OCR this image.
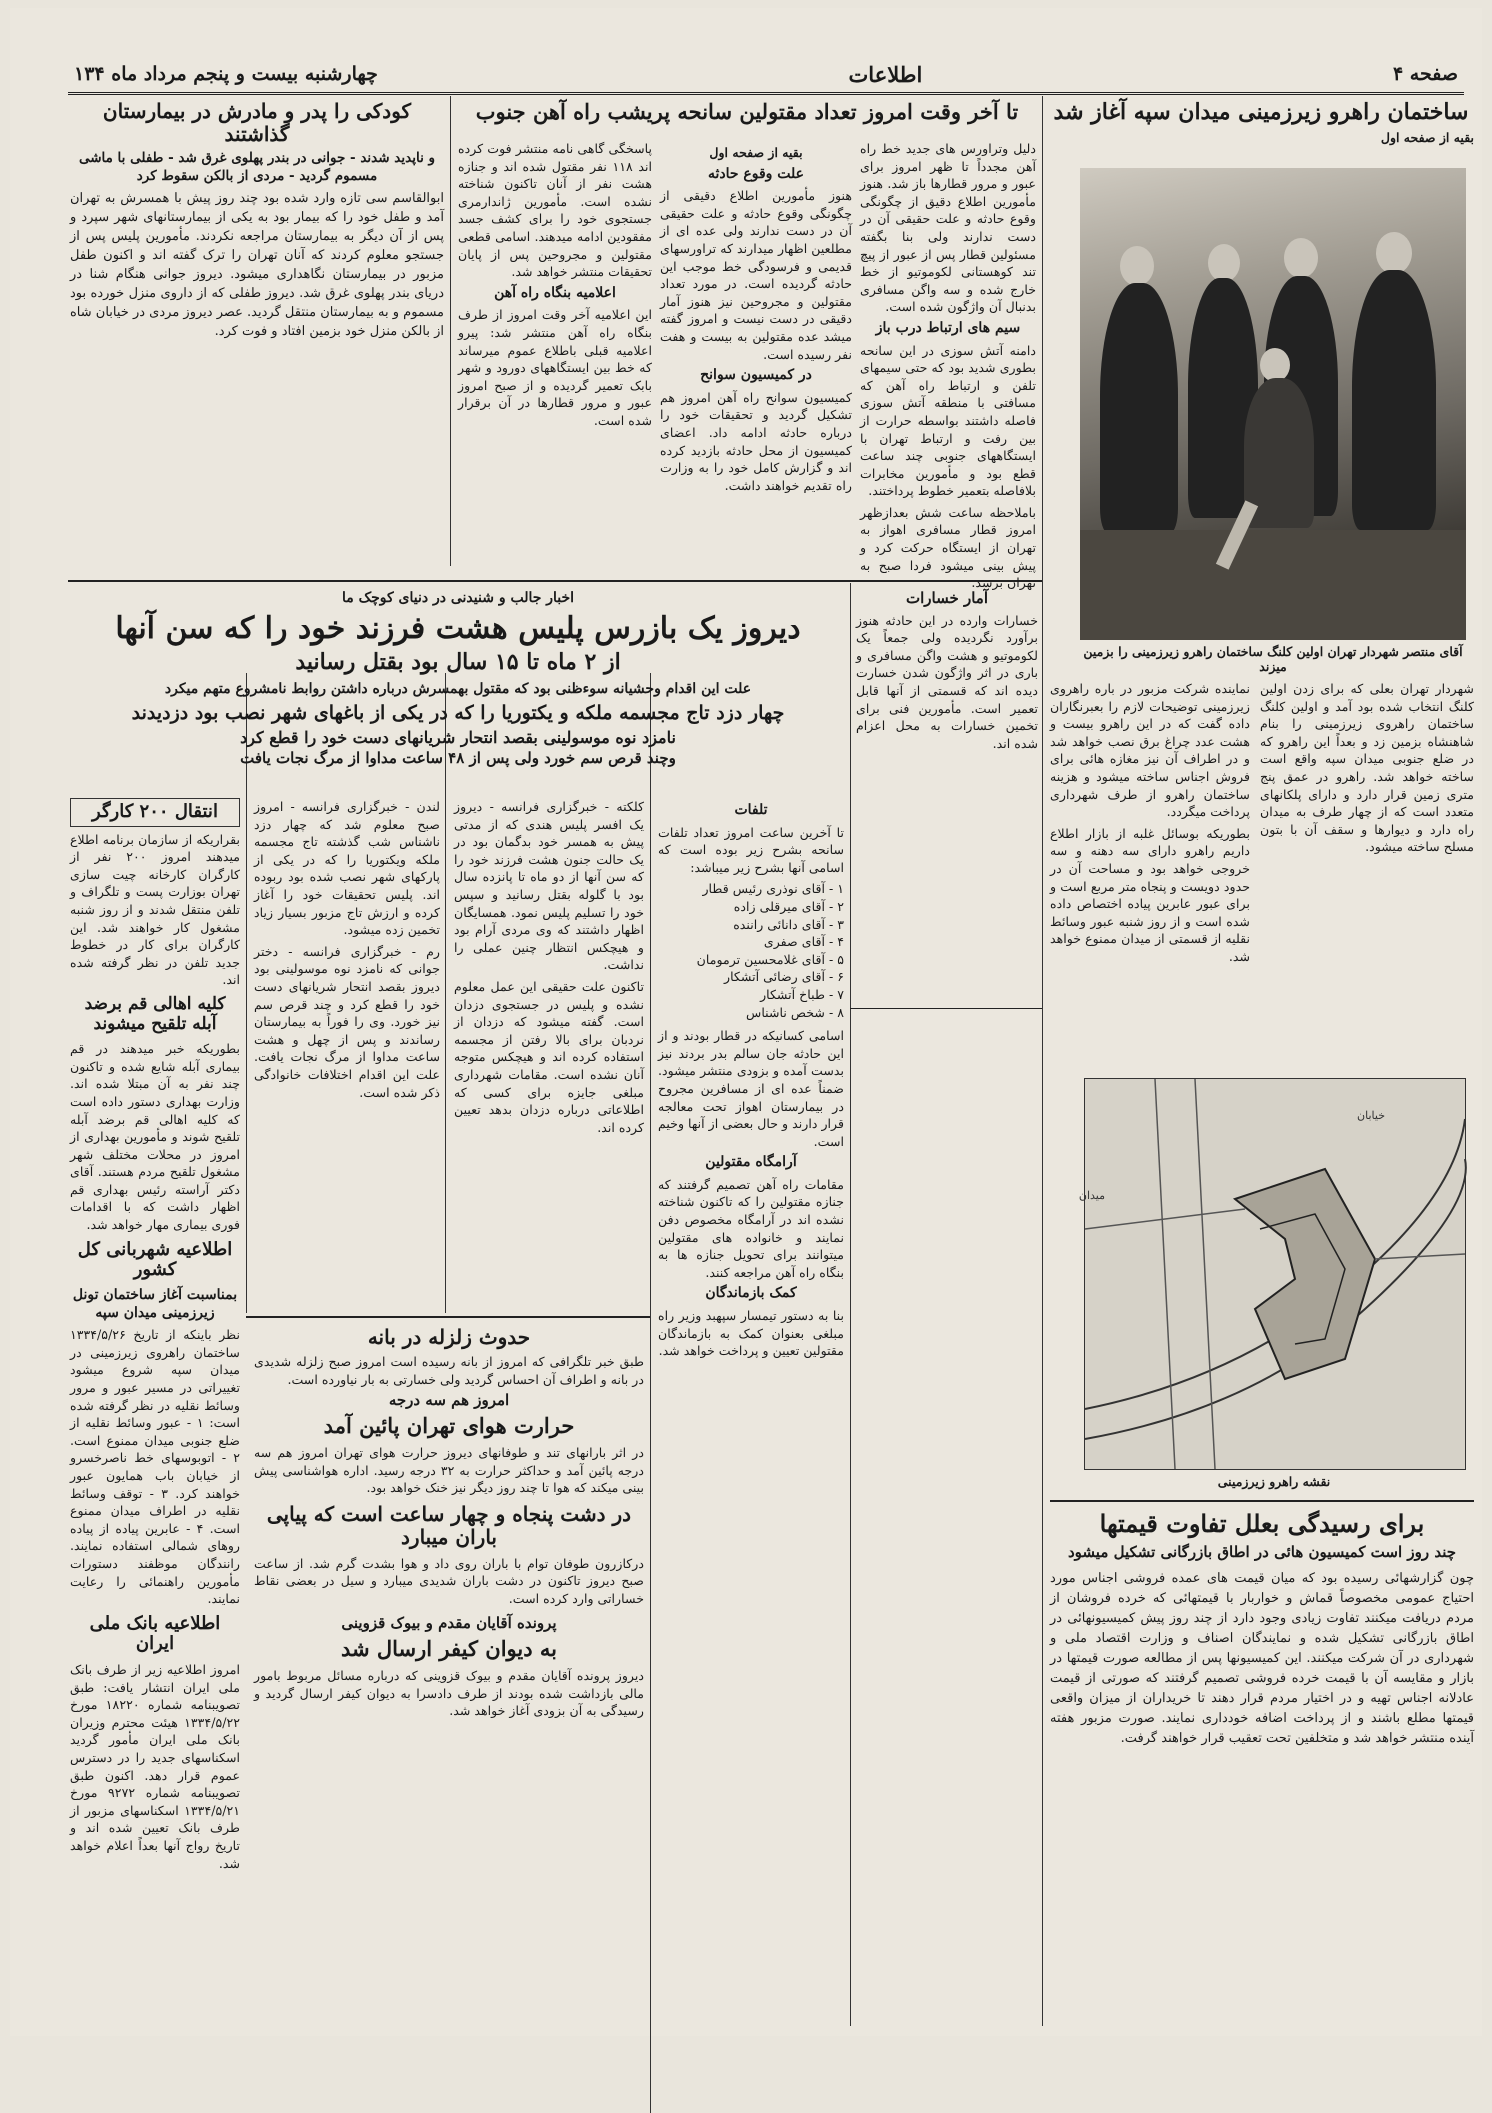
صفحه ۴
اطلاعات
چهارشنبه بیست و پنجم مرداد ماه ۱۳۴
ساختمان راهرو زیرزمینی میدان سپه آغاز شد
بقیه از صفحه اول
آقای منتصر شهردار تهران اولین کلنگ ساختمان راهرو زیرزمینی را بزمین میزند

نماینده شرکت مزبور در باره راهروی زیرزمینی توضیحات لازم را بعبرنگاران داده گفت که در این راهرو بیست و هشت عدد چراغ برق نصب خواهد شد و در اطراف آن نیز مغازه هائی برای فروش اجناس ساخته میشود و هزینه ساختمان راهرو از طرف شهرداری پرداخت میگردد.

بطوریکه بوسائل غلبه از بازار اطلاع داریم راهرو دارای سه دهنه و سه خروجی خواهد بود و مساحت آن در حدود دویست و پنجاه متر مربع است و برای عبور عابرین پیاده اختصاص داده شده است و از روز شنبه عبور وسائط نقلیه از قسمتی از میدان ممنوع خواهد شد.

شهردار تهران بعلی که برای زدن اولین کلنگ انتخاب شده بود آمد و اولین کلنگ ساختمان راهروی زیرزمینی را بنام شاهنشاه بزمین زد و بعداً این راهرو که در ضلع جنوبی میدان سپه واقع است ساخته خواهد شد. راهرو در عمق پنج متری زمین قرار دارد و دارای پلکانهای متعدد است که از چهار طرف به میدان راه دارد و دیوارها و سقف آن با بتون مسلح ساخته میشود.

خیابان
میدان
نقشه راهرو زیرزمینی
برای رسیدگی بعلل تفاوت قیمتها
چند روز است کمیسیون هائی در اطاق بازرگانی تشکیل میشود

چون گزارشهائی رسیده بود که میان قیمت های عمده فروشی اجناس مورد احتیاج عمومی مخصوصاً قماش و خواربار با قیمتهائی که خرده فروشان از مردم دریافت میکنند تفاوت زیادی وجود دارد از چند روز پیش کمیسیونهائی در اطاق بازرگانی تشکیل شده و نمایندگان اصناف و وزارت اقتصاد ملی و شهرداری در آن شرکت میکنند. این کمیسیونها پس از مطالعه صورت قیمتها در بازار و مقایسه آن با قیمت خرده فروشی تصمیم گرفتند که صورتی از قیمت عادلانه اجناس تهیه و در اختیار مردم قرار دهند تا خریداران از میزان واقعی قیمتها مطلع باشند و از پرداخت اضافه خودداری نمایند. صورت مزبور هفته آینده منتشر خواهد شد و متخلفین تحت تعقیب قرار خواهند گرفت.

تا آخر وقت امروز تعداد مقتولین سانحه پریشب راه آهن جنوب

دلیل وتراورس های جدید خط راه آهن مجدداً تا ظهر امروز برای عبور و مرور قطارها باز شد. هنوز مأمورین اطلاع دقیق از چگونگی وقوع حادثه و علت حقیقی آن در دست ندارند ولی بنا بگفته مسئولین قطار پس از عبور از پیچ تند کوهستانی لکوموتیو از خط خارج شده و سه واگن مسافری بدنبال آن واژگون شده است.

سیم های ارتباط درب باز

دامنه آتش سوزی در این سانحه بطوری شدید بود که حتی سیمهای تلفن و ارتباط راه آهن که مسافتی با منطقه آتش سوزی فاصله داشتند بواسطه حرارت از بین رفت و ارتباط تهران با ایستگاههای جنوبی چند ساعت قطع بود و مأمورین مخابرات بلافاصله بتعمیر خطوط پرداختند.

باملاحظه ساعت شش بعدازظهر امروز قطار مسافری اهواز به تهران از ایستگاه حرکت کرد و پیش بینی میشود فردا صبح به تهران برسد.

بقیه از صفحه اول
علت وقوع حادثه

هنوز مأمورین اطلاع دقیقی از چگونگی وقوع حادثه و علت حقیقی آن در دست ندارند ولی عده ای از مطلعین اظهار میدارند که تراورسهای قدیمی و فرسودگی خط موجب این حادثه گردیده است. در مورد تعداد مقتولین و مجروحین نیز هنوز آمار دقیقی در دست نیست و امروز گفته میشد عده مقتولین به بیست و هفت نفر رسیده است.

در کمیسیون سوانح

کمیسیون سوانح راه آهن امروز هم تشکیل گردید و تحقیقات خود را درباره حادثه ادامه داد. اعضای کمیسیون از محل حادثه بازدید کرده اند و گزارش کامل خود را به وزارت راه تقدیم خواهند داشت.

پاسخگی گاهی نامه منتشر فوت کرده اند ۱۱۸ نفر مقتول شده اند و جنازه هشت نفر از آنان تاکنون شناخته نشده است. مأمورین ژاندارمری جستجوی خود را برای کشف جسد مفقودین ادامه میدهند. اسامی قطعی مقتولین و مجروحین پس از پایان تحقیقات منتشر خواهد شد.

اعلامیه بنگاه راه آهن

این اعلامیه آخر وقت امروز از طرف بنگاه راه آهن منتشر شد: پیرو اعلامیه قبلی باطلاع عموم میرساند که خط بین ایستگاههای دورود و شهر بابک تعمیر گردیده و از صبح امروز عبور و مرور قطارها در آن برقرار شده است.

کودکی را پدر و مادرش در بیمارستان گذاشتند
و ناپدید شدند - جوانی در بندر پهلوی غرق شد - طفلی با ماشی مسموم گردید - مردی از بالکن سقوط کرد

ابوالقاسم سی تازه وارد شده بود چند روز پیش با همسرش به تهران آمد و طفل خود را که بیمار بود به یکی از بیمارستانهای شهر سپرد و پس از آن دیگر به بیمارستان مراجعه نکردند. مأمورین پلیس پس از جستجو معلوم کردند که آنان تهران را ترک گفته اند و اکنون طفل مزبور در بیمارستان نگاهداری میشود. دیروز جوانی هنگام شنا در دریای بندر پهلوی غرق شد. دیروز طفلی که از داروی منزل خورده بود مسموم و به بیمارستان منتقل گردید. عصر دیروز مردی در خیابان شاه از بالکن منزل خود بزمین افتاد و فوت کرد.

اخبار جالب و شنیدنی در دنیای کوچک ما
دیروز یک بازرس پلیس هشت فرزند خود را که سن آنها
از ۲ ماه تا ۱۵ سال بود بقتل رسانید
علت این اقدام وحشیانه سوءظنی بود که مقتول بهمسرش درباره داشتن روابط نامشروع متهم میکرد
چهار دزد تاج مجسمه ملکه و یکتوریا را که در یکی از باغهای شهر نصب بود دزدیدند
نامزد نوه موسولینی بقصد انتحار شریانهای دست خود را قطع کرد
وچند قرص سم خورد ولی پس از ۴۸ ساعت مداوا از مرگ نجات یافت

کلکته - خبرگزاری فرانسه - دیروز یک افسر پلیس هندی که از مدتی پیش به همسر خود بدگمان بود در یک حالت جنون هشت فرزند خود را که سن آنها از دو ماه تا پانزده سال بود با گلوله بقتل رسانید و سپس خود را تسلیم پلیس نمود. همسایگان اظهار داشتند که وی مردی آرام بود و هیچکس انتظار چنین عملی را نداشت.

تاکنون علت حقیقی این عمل معلوم نشده و پلیس در جستجوی دزدان است. گفته میشود که دزدان از نردبان برای بالا رفتن از مجسمه استفاده کرده اند و هیچکس متوجه آنان نشده است. مقامات شهرداری مبلغی جایزه برای کسی که اطلاعاتی درباره دزدان بدهد تعیین کرده اند.

لندن - خبرگزاری فرانسه - امروز صبح معلوم شد که چهار دزد ناشناس شب گذشته تاج مجسمه ملکه ویکتوریا را که در یکی از پارکهای شهر نصب شده بود ربوده اند. پلیس تحقیقات خود را آغاز کرده و ارزش تاج مزبور بسیار زیاد تخمین زده میشود.

رم - خبرگزاری فرانسه - دختر جوانی که نامزد نوه موسولینی بود دیروز بقصد انتحار شریانهای دست خود را قطع کرد و چند قرص سم نیز خورد. وی را فوراً به بیمارستان رساندند و پس از چهل و هشت ساعت مداوا از مرگ نجات یافت. علت این اقدام اختلافات خانوادگی ذکر شده است.

انتقال ۲۰۰ کارگر

بقراریکه از سازمان برنامه اطلاع میدهند امروز ۲۰۰ نفر از کارگران کارخانه چیت سازی تهران بوزارت پست و تلگراف و تلفن منتقل شدند و از روز شنبه مشغول کار خواهند شد. این کارگران برای کار در خطوط جدید تلفن در نظر گرفته شده اند.

کلیه اهالی قم برضد آبله تلقیح میشوند

بطوریکه خبر میدهند در قم بیماری آبله شایع شده و تاکنون چند نفر به آن مبتلا شده اند. وزارت بهداری دستور داده است که کلیه اهالی قم برضد آبله تلقیح شوند و مأمورین بهداری از امروز در محلات مختلف شهر مشغول تلقیح مردم هستند. آقای دکتر آراسته رئیس بهداری قم اظهار داشت که با اقدامات فوری بیماری مهار خواهد شد.

اطلاعیه شهربانی کل کشور
بمناسبت آغاز ساختمان تونل زیرزمینی میدان سپه

نظر باینکه از تاریخ ۱۳۳۴/۵/۲۶ ساختمان راهروی زیرزمینی در میدان سپه شروع میشود تغییراتی در مسیر عبور و مرور وسائط نقلیه در نظر گرفته شده است: ۱ - عبور وسائط نقلیه از ضلع جنوبی میدان ممنوع است. ۲ - اتوبوسهای خط ناصرخسرو از خیابان باب همایون عبور خواهند کرد. ۳ - توقف وسائط نقلیه در اطراف میدان ممنوع است. ۴ - عابرین پیاده از پیاده روهای شمالی استفاده نمایند. رانندگان موظفند دستورات مأمورین راهنمائی را رعایت نمایند.

اطلاعیه بانک ملی ایران

امروز اطلاعیه زیر از طرف بانک ملی ایران انتشار یافت: طبق تصویبنامه شماره ۱۸۲۲۰ مورخ ۱۳۳۴/۵/۲۲ هیئت محترم وزیران بانک ملی ایران مأمور گردید اسکناسهای جدید را در دسترس عموم قرار دهد. اکنون طبق تصویبنامه شماره ۹۲۷۲ مورخ ۱۳۳۴/۵/۲۱ اسکناسهای مزبور از طرف بانک تعیین شده اند و تاریخ رواج آنها بعداً اعلام خواهد شد.

حدوث زلزله در بانه

طبق خبر تلگرافی که امروز از بانه رسیده است امروز صبح زلزله شدیدی در بانه و اطراف آن احساس گردید ولی خسارتی به بار نیاورده است.

امروز هم سه درجه
حرارت هوای تهران پائین آمد

در اثر بارانهای تند و طوفانهای دیروز حرارت هوای تهران امروز هم سه درجه پائین آمد و حداکثر حرارت به ۳۲ درجه رسید. اداره هواشناسی پیش بینی میکند که هوا تا چند روز دیگر نیز خنک خواهد بود.

در دشت پنجاه و چهار ساعت است که پیاپی باران میبارد

درکازرون طوفان توام با باران روی داد و هوا بشدت گرم شد. از ساعت صبح دیروز تاکنون در دشت باران شدیدی میبارد و سیل در بعضی نقاط خساراتی وارد کرده است.

پرونده آقایان مقدم و بیوک قزوینی
به دیوان کیفر ارسال شد

دیروز پرونده آقایان مقدم و بیوک قزوینی که درباره مسائل مربوط بامور مالی بازداشت شده بودند از طرف دادسرا به دیوان کیفر ارسال گردید و رسیدگی به آن بزودی آغاز خواهد شد.

آمار خسارات

خسارات وارده در این حادثه هنوز برآورد نگردیده ولی جمعاً یک لکوموتیو و هشت واگن مسافری و باری در اثر واژگون شدن خسارت دیده اند که قسمتی از آنها قابل تعمیر است. مأمورین فنی برای تخمین خسارات به محل اعزام شده اند.

تلفات

تا آخرین ساعت امروز تعداد تلفات سانحه بشرح زیر بوده است که اسامی آنها بشرح زیر میباشد:

۱ - آقای نوذری رئیس قطار
۲ - آقای میرقلی زاده
۳ - آقای دانائی راننده
۴ - آقای صفری
۵ - آقای غلامحسین ترمومان
۶ - آقای رضائی آتشکار
۷ - طباخ آتشکار
۸ - شخص ناشناس

اسامی کسانیکه در قطار بودند و از این حادثه جان سالم بدر بردند نیز بدست آمده و بزودی منتشر میشود. ضمناً عده ای از مسافرین مجروح در بیمارستان اهواز تحت معالجه قرار دارند و حال بعضی از آنها وخیم است.

آرامگاه مقتولین

مقامات راه آهن تصمیم گرفتند که جنازه مقتولین را که تاکنون شناخته نشده اند در آرامگاه مخصوص دفن نمایند و خانواده های مقتولین میتوانند برای تحویل جنازه ها به بنگاه راه آهن مراجعه کنند.

کمک بازماندگان

بنا به دستور تیمسار سپهبد وزیر راه مبلغی بعنوان کمک به بازماندگان مقتولین تعیین و پرداخت خواهد شد.
